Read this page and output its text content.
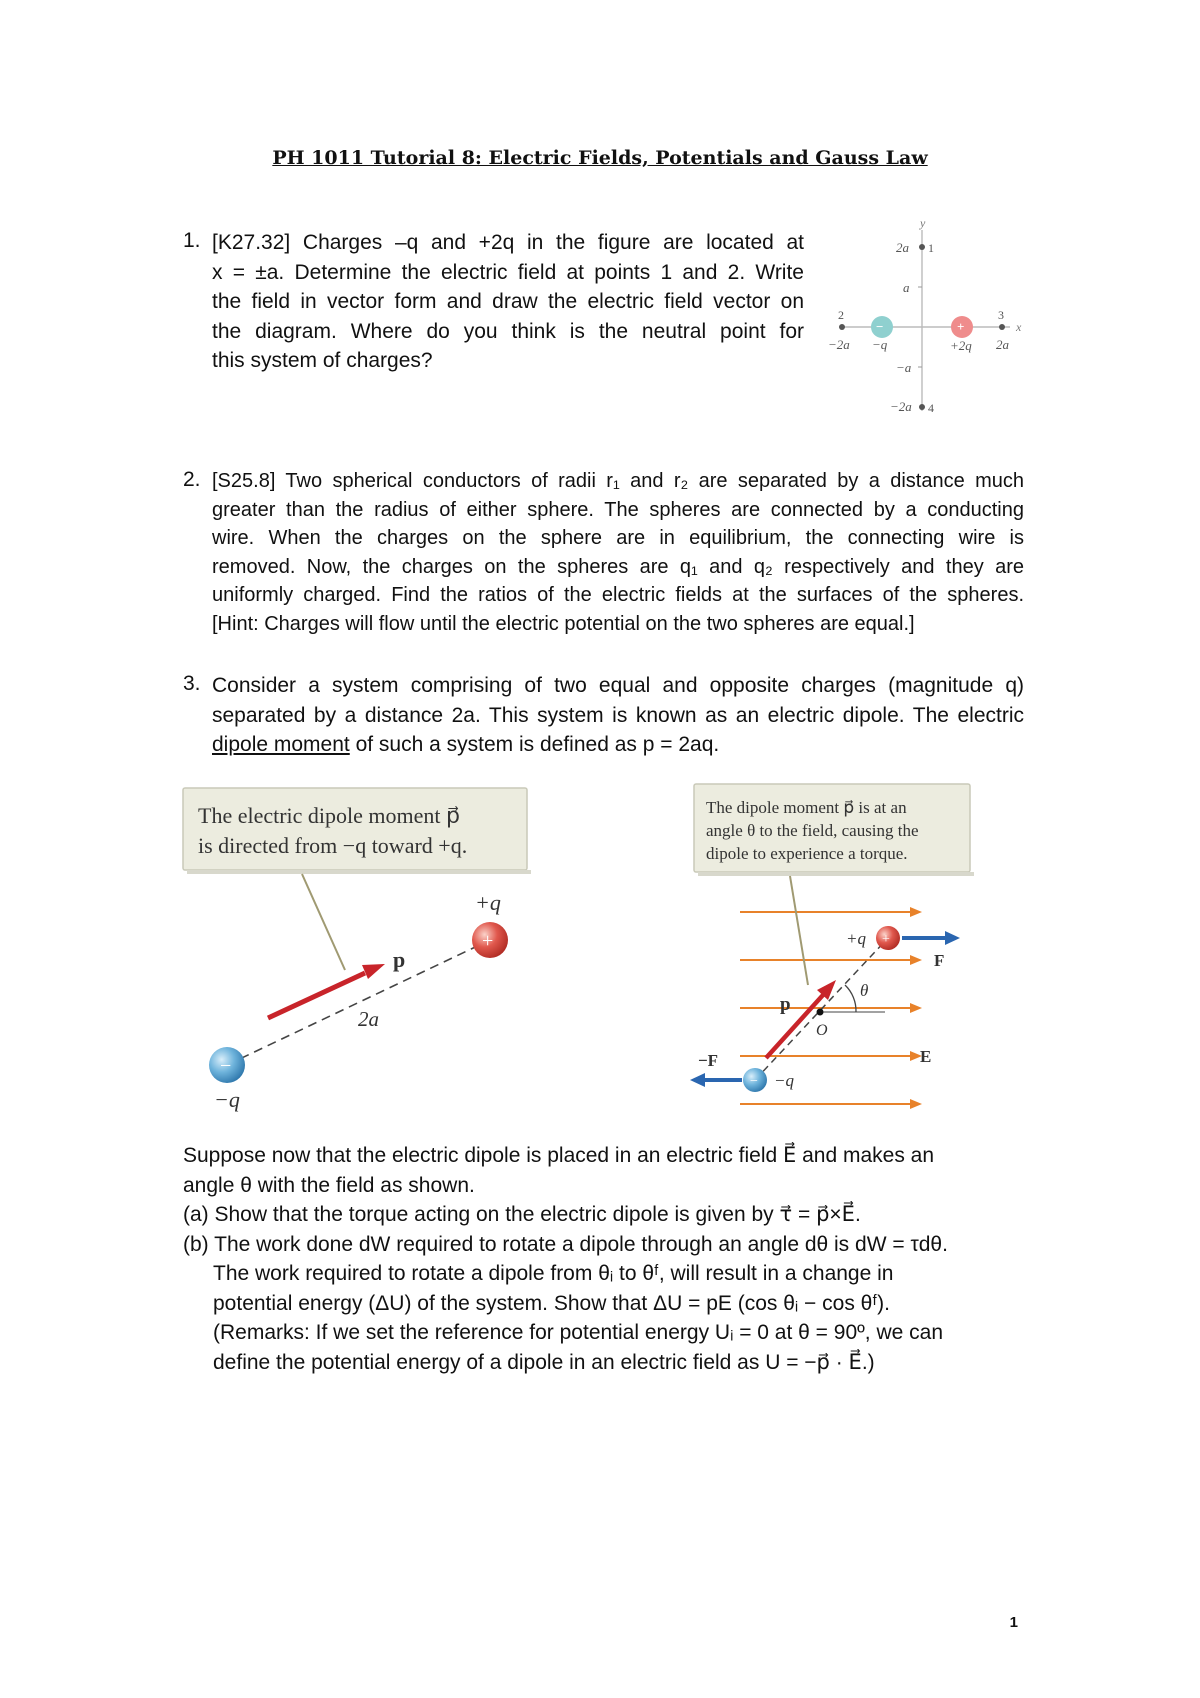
PH 1011 Tutorial 8: Electric Fields, Potentials and Gauss Law
1. [K27.32] Charges –q and +2q in the figure are located at
x = ±a. Determine the electric field at points 1 and 2. Write
the field in vector form and draw the electric field vector on
the diagram. Where do you think is the neutral point for
this system of charges?
y
x
2a
a
−a
−2a
−2a	2a
1
2	3
4
−
−q
+
+2q
2. [S25.8] Two spherical conductors of radii r₁ and r₂ are separated by a distance much
greater than the radius of either sphere. The spheres are connected by a conducting
wire. When the charges on the sphere are in equilibrium, the connecting wire is
removed. Now, the charges on the spheres are q₁ and q₂ respectively and they are
uniformly charged. Find the ratios of the electric fields at the surfaces of the spheres.
[Hint: Charges will flow until the electric potential on the two spheres are equal.]
3. Consider a system comprising of two equal and opposite charges (magnitude q)
separated by a distance 2a. This system is known as an electric dipole. The electric
dipole moment of such a system is defined as p = 2aq.
The electric dipole moment p⃗
is directed from −q toward +q.
p⃗
2a
+
+q
−
−q
The dipole moment p⃗ is at an
angle θ to the field, causing the
dipole to experience a torque.
θ
O
p⃗
F⃗
+
+q
−F⃗
− −q
E⃗
Suppose now that the electric dipole is placed in an electric field E⃗ and makes an
angle θ with the field as shown.
(a) Show that the torque acting on the electric dipole is given by τ⃗ = p⃗×E⃗.
(b) The work done dW required to rotate a dipole through an angle dθ is dW = τdθ.
The work required to rotate a dipole from θᵢ to θᶠ, will result in a change in
potential energy (ΔU) of the system. Show that ΔU = pE (cos θᵢ − cos θᶠ).
(Remarks: If we set the reference for potential energy Uᵢ = 0 at θ = 90º, we can
define the potential energy of a dipole in an electric field as U = −p⃗ · E⃗.)
1
